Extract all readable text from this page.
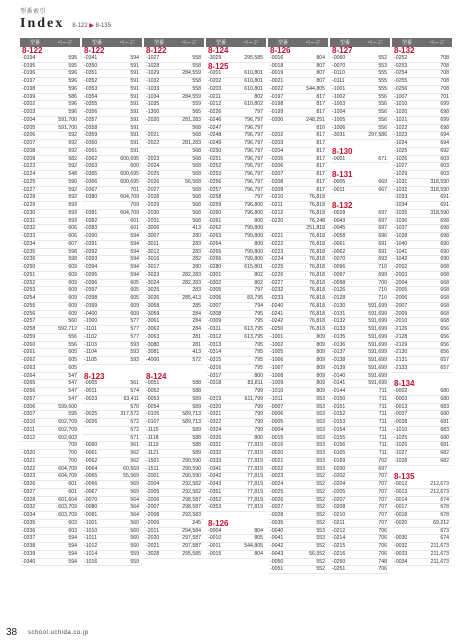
型番索引
Index 8-122 ▶ 8-135
型番	ページ
8-122
-0194	595
-0195	595
-0196	596
-0197	596
-0198	596
-0199	586
-0202	596
-0203	596
-0204	591,700
-0205	591,700
-0206	592
-0207	592
-0208	592
-0209	582
-0223	592
-0224	548
-0225	590
-0227	592
-0228	592
-0229	593
-0230	593
-0231	593
-0232	606
-0233	606
-0234	607
-0235	598
-0236	598
-0250	609
-0251	609
-0252	609
-0253	609
-0254	609
-0255	609
-0256	609
-0257	560
-0258	592,712
-0259	556
-0260	556
-0261	605
-0262	605
-0263	605
-0264	547
-0265	547
-0266	547
-0267	547
-0306	599,600
-0307	595
-0310	602,709
-0311	602,709
-0312	602,603
709
-0320	700
-0321	700
-0322	604,709
-0323	604,709
-0326	601
-0327	601
-0328	601,604
-0332	603,709
-0334	603,709
-0335	603
-0336	603
-0337	594
-0338	594
-0339	594
-0340	594
型番	ページ
8-122
-0341	594
-0350	591
-0351	591
-0352	591
-0353	591
-0354	591
-0355	591
-0356	591
-0357	591
-0358	591
-0359	591
-0360	591
-0361	591
-0362	600,695
-0363	600
-0365	600,695
-0366	600,695
-0367	701
-0380	604,709
709
-0381	604,709
-0382	601
-0383	601
-0390	594
-0391	594
-0392	594
-0393	594
-0394	594
-0395	594
-0396	605
-0397	605
-0398	605
-0399	609
-0400	609
-1000	577
-1101	577
-1102	577
-1103	593
-1104	593
-1105	593
8-123
-0005	561
-0011	574
-0023	63,411
570
-0025	317,572
-0026	572
572
571
-0060	561
-0061	562
-0062	562
-0064	60,569
-0065	55,569
-0066	569
-0067	569
-0070	564
-0080	564
-0081	564
-1001	560
-1010	560
-1011	560
-1012	560
-1014	559
-1016	559
型番	ページ
8-122
-1027	558
-1028	558
-1029	284,559
-1032	558
-1033	558
-1034	284,559
-1035	559
-1300	565
-2020	281,283
568
-2021	568
-2022	281,283
568
-2023	568
-2024	568
-2025	568
-2026	56,568
-2027	568
-2028	568
-2029	568
-2030	568
-2031	568
-3006	413
-3007	280
-3011	283
-3012	283
-3016	282
-3017	280
-3023	282,283
-3024	282,283
-3025	283
-3026	285,413
-3058	285
-3059	284
-3061	284
-3062	284
-3063	281
-3080	281
-3081	413
-4000	572
8-124
-0051	588
-0052	588
-0053	589
-0054	589
-0105	589,713
-0107	589,713
-1115	589
-1118	588
-1119	588
-1121	589
-1501	290,590
-1511	290,590
-2001	290,590
-2004	292,582
-2005	292,582
-2006	298,587
-2007	298,587
-2008	293,583
-2009	245
-2011	294,584
-2020	297,587
-2021	297,587
-3028	295,585
型番	ページ
8-124
-3029	295,585
8-125
-0201	610,801
-0202	610,801
-0203	610,801
-0211	802
-0212	610,802
-0226	797
-0246	796,797
-0247	796,797
-0248	796,797
-0249	796,797
-0250	796,797
-0251	796,797
-0252	796,797
-0253	796,797
-0256	796,797
-0257	796,797
-0258	797
-0259	796,800
-0260	796,800
-0261	800
-0262	799,800
-0263	799,800
-0264	800
-0265	799,800
-0266	799,800
-0280	615,801
-0301	802
-0302	802
-0305	797
-0306	83,795
-0307	794
-0308	795
-0309	795
-0311	613,795
-0312	613,795
-0313	795
-0314	795
-0315	795
-0316	795
-0317	800
-0318	83,811
799
-0319	611,799
-0320	799
-0321	799
-0322	799
-0324	799
-0326	800
-0331	77,819
-0332	77,819
-0333	77,819
-0341	77,819
-0342	77,819
-0343	77,819
-0351	77,819
-0352	77,819
-0353	77,819
8-126
-0004	804
-0010	805
-0011	544,805
-0015	804
型番	ページ
8-126
-0016	804
-0018	807
-0019	807
-0021	807
-0022	544,805
-0197	817
-0198	817
-0199	817
-0200	248,251
816
-0202	817
-0203	817
-0204	817
-0205	817
-0206	817
-0207	817
-0208	817
-0209	817
-0210	76,818
-0211	76,818
-0212	76,818
-0220	76,248
251,818
-0221	76,818
-0222	76,818
-0223	76,818
-0224	76,818
-0225	76,818
-0226	76,818
-0227	76,818
-0232	76,818
-0233	76,818
-0240	76,818
-0241	76,818
-0242	76,818
-0250	76,818
-1001	809
-1002	809
-1005	809
-1006	809
-1007	809
-1008	809
-1009	809
-1010	809
-1011	553
-0007	553
-0006	553
-0005	553
-0004	553
-0015	553
-0016	553
-0020	553
-0021	553
-0022	553
-0023	552
-0024	552
-0025	552
-0026	552
-0027	552
-0028	552
-0035	552
-0040	553
-0041	553
-0042	552
-0043	56,552
-0050	552
-0051	552
型番	ページ
8-127
-0060	552
-0070	553
-0110	555
-0111	555
-1001	555
-1002	556
-1003	556
-1004	556
-1005	556
-1006	556
-3031	297,586
8-130
-0001	671
8-131
-0005	669
-0011	667
8-132
-0028	697
-0043	697
-0045	697
-0058	696
-0061	691
-0062	691
-0070	693
-0096	710
-0097	699
-0098	700
-0126	710
-0128	710
-0130	591,699
-0131	591,699
-0132	591,699
-0133	591,699
-0135	591,699
-0136	591,699
-0137	591,699
-0138	591,699
-0139	591,699
-0140	591,699
-0141	591,699
-0144	711
-0150	711
-0151	711
-0152	711
-0153	711
-0154	711
-0155	711
-0156	711
-0165	711
-0169	702
-0200	697
-0202	707
-0204	707
-0205	707
-0207	707
-0208	707
-0210	707
-0211	707
-0212	706
-0214	706
-0215	706
-0216	706
-0250	748
-0251	706
型番	ページ
8-132
-0252	708
-0253	708
-0254	708
-0255	708
-0256	708
-1007	701
-1010	699
-1020	698
-1021	699
-1022	698
-1023	694
-1024	694
-1025	692
-1026	603
-1027	603
-1029	603
-1031	318,590
-1032	318,590
-1033	691
-1034	691
-1035	318,590
-1036	698
-1037	698
-1038	698
-1040	690
-1041	690
-1042	690
-2002	668
-2003	668
-2004	668
-2005	668
-2006	668
-2007	668
-2009	668
-2010	668
-2126	656
-2128	656
-2129	656
-2130	656
-2131	657
-2133	657
8-134
-0002	680
-0003	680
-0013	683
-0037	680
-0038	681
-1010	683
-1025	680
-1026	681
-1027	682
-1028	682
8-135
-0012	212,673
-0013	212,673
-0014	674
-0017	678
-0018	678
-0020	69,212
673
-0030	674
-0032	211,673
-0033	211,673
-0034	211,673
38 school.uchida.co.jp
